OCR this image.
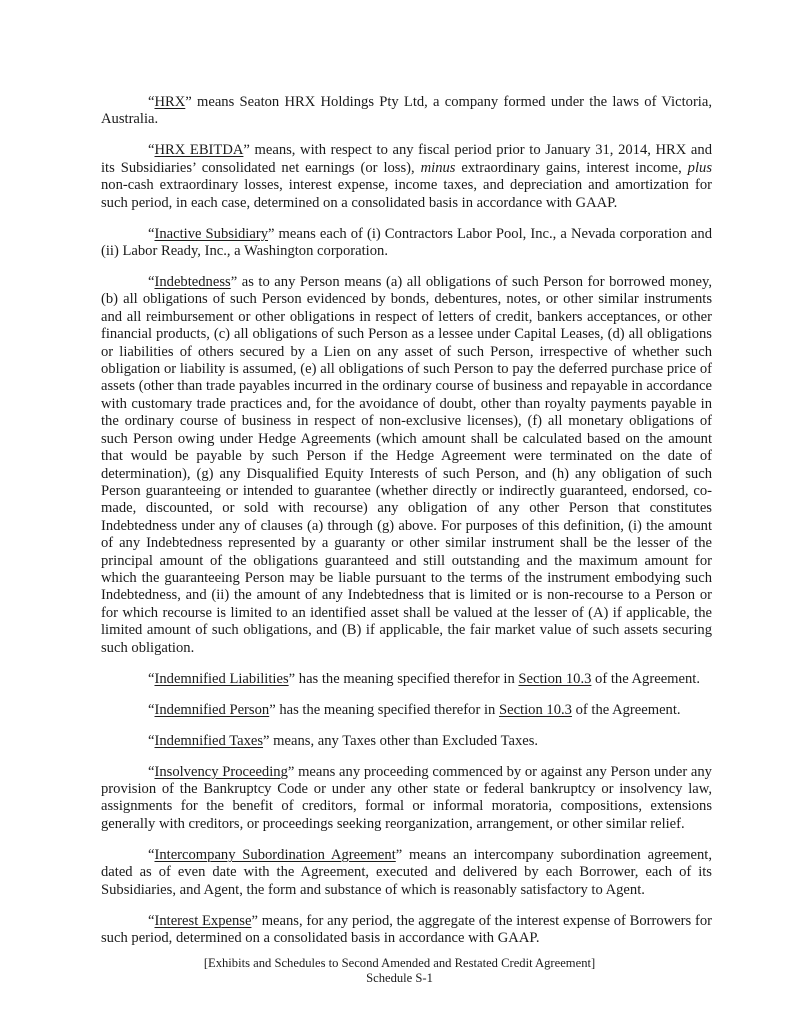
“HRX” means Seaton HRX Holdings Pty Ltd, a company formed under the laws of Victoria, Australia.

“HRX EBITDA” means, with respect to any fiscal period prior to January 31, 2014, HRX and its Subsidiaries’ consolidated net earnings (or loss), minus extraordinary gains, interest income, plus non-cash extraordinary losses, interest expense, income taxes, and depreciation and amortization for such period, in each case, determined on a consolidated basis in accordance with GAAP.

“Inactive Subsidiary” means each of (i) Contractors Labor Pool, Inc., a Nevada corporation and (ii) Labor Ready, Inc., a Washington corporation.

“Indebtedness” as to any Person means (a) all obligations of such Person for borrowed money, (b) all obligations of such Person evidenced by bonds, debentures, notes, or other similar instruments and all reimbursement or other obligations in respect of letters of credit, bankers acceptances, or other financial products, (c) all obligations of such Person as a lessee under Capital Leases, (d) all obligations or liabilities of others secured by a Lien on any asset of such Person, irrespective of whether such obligation or liability is assumed, (e) all obligations of such Person to pay the deferred purchase price of assets (other than trade payables incurred in the ordinary course of business and repayable in accordance with customary trade practices and, for the avoidance of doubt, other than royalty payments payable in the ordinary course of business in respect of non-exclusive licenses), (f) all monetary obligations of such Person owing under Hedge Agreements (which amount shall be calculated based on the amount that would be payable by such Person if the Hedge Agreement were terminated on the date of determination), (g) any Disqualified Equity Interests of such Person, and (h) any obligation of such Person guaranteeing or intended to guarantee (whether directly or indirectly guaranteed, endorsed, co-made, discounted, or sold with recourse) any obligation of any other Person that constitutes Indebtedness under any of clauses (a) through (g) above. For purposes of this definition, (i) the amount of any Indebtedness represented by a guaranty or other similar instrument shall be the lesser of the principal amount of the obligations guaranteed and still outstanding and the maximum amount for which the guaranteeing Person may be liable pursuant to the terms of the instrument embodying such Indebtedness, and (ii) the amount of any Indebtedness that is limited or is non-recourse to a Person or for which recourse is limited to an identified asset shall be valued at the lesser of (A) if applicable, the limited amount of such obligations, and (B) if applicable, the fair market value of such assets securing such obligation.

“Indemnified Liabilities” has the meaning specified therefor in Section 10.3 of the Agreement.

“Indemnified Person” has the meaning specified therefor in Section 10.3 of the Agreement.

“Indemnified Taxes” means, any Taxes other than Excluded Taxes.

“Insolvency Proceeding” means any proceeding commenced by or against any Person under any provision of the Bankruptcy Code or under any other state or federal bankruptcy or insolvency law, assignments for the benefit of creditors, formal or informal moratoria, compositions, extensions generally with creditors, or proceedings seeking reorganization, arrangement, or other similar relief.

“Intercompany Subordination Agreement” means an intercompany subordination agreement, dated as of even date with the Agreement, executed and delivered by each Borrower, each of its Subsidiaries, and Agent, the form and substance of which is reasonably satisfactory to Agent.

“Interest Expense” means, for any period, the aggregate of the interest expense of Borrowers for such period, determined on a consolidated basis in accordance with GAAP.

[Exhibits and Schedules to Second Amended and Restated Credit Agreement]
Schedule S-1
